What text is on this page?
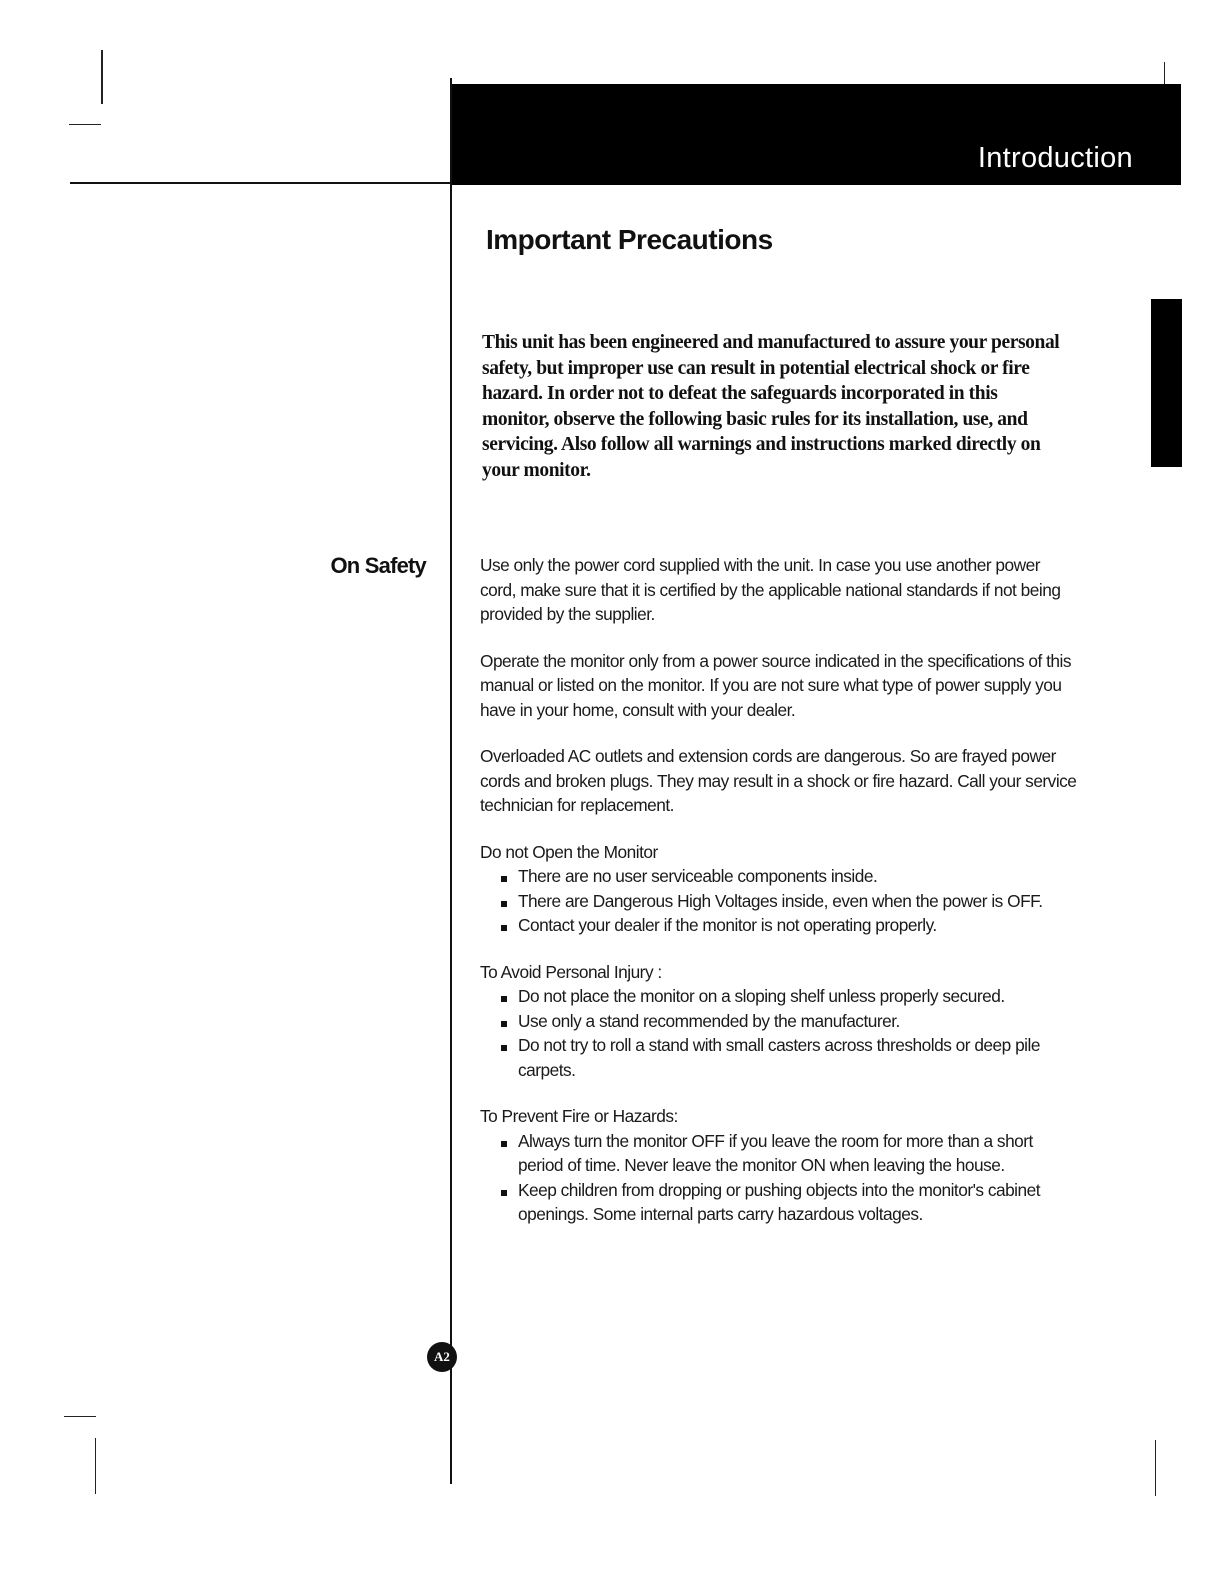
Introduction
Important Precautions

This unit has been engineered and manufactured to assure your personal safety, but improper use can result in potential electrical shock or fire hazard. In order not to defeat the safeguards incorporated in this monitor, observe the following basic rules for its installation, use, and servicing. Also follow all warnings and instructions marked directly on your monitor.

On Safety	Use only the power cord supplied with the unit. In case you use another power cord, make sure that it is certified by the applicable national standards if not being provided by the supplier.

Operate the monitor only from a power source indicated in the specifications of this manual or listed on the monitor. If you are not sure what type of power supply you have in your home, consult with your dealer.

Overloaded AC outlets and extension cords are dangerous. So are frayed power cords and broken plugs. They may result in a shock or fire hazard. Call your service technician for replacement.

Do not Open the Monitor
There are no user serviceable components inside.
There are Dangerous High Voltages inside, even when the power is OFF.
Contact your dealer if the monitor is not operating properly.
To Avoid Personal Injury :
Do not place the monitor on a sloping shelf unless properly secured.
Use only a stand recommended by the manufacturer.
Do not try to roll a stand with small casters across thresholds or deep pile carpets.
To Prevent Fire or Hazards:
Always turn the monitor OFF if you leave the room for more than a short period of time. Never leave the monitor ON when leaving the house.
Keep children from dropping or pushing objects into the monitor's cabinet openings. Some internal parts carry hazardous voltages.
A2
